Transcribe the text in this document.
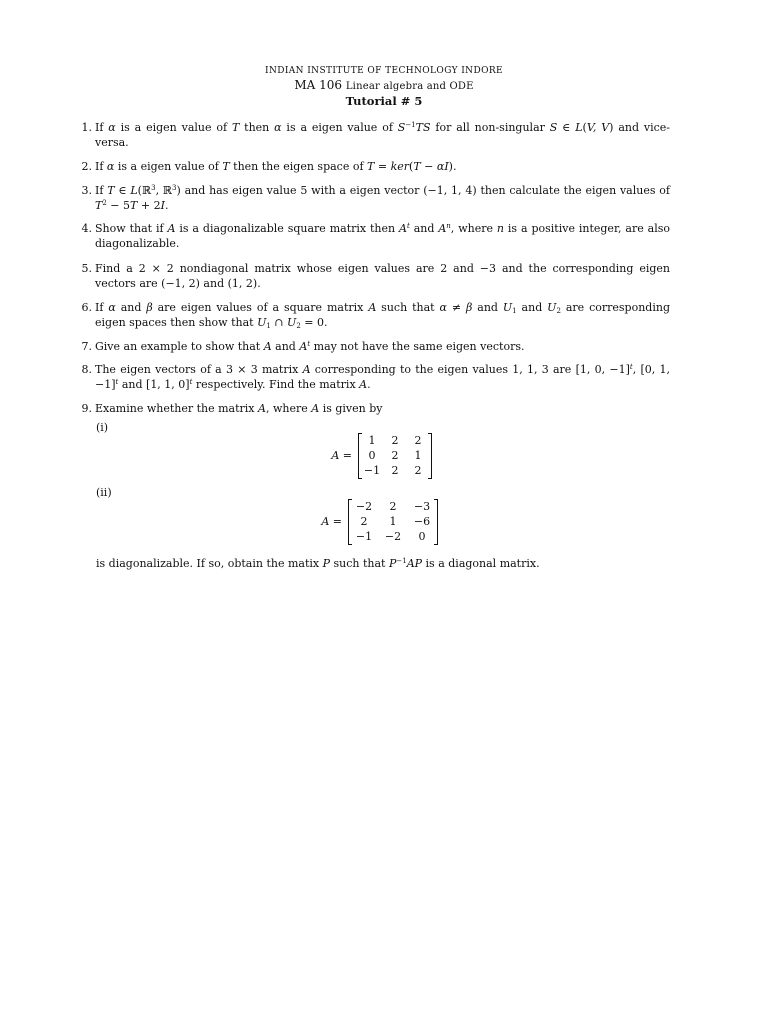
INDIAN INSTITUTE OF TECHNOLOGY INDORE
MA 106 Linear algebra and ODE
Tutorial # 5
1. If α is a eigen value of T then α is a eigen value of $S^{-1}TS$ for all non-singular S ∈ L(V, V) and vice-versa.
2. If α is a eigen value of T then the eigen space of T = ker(T − αI).
3. If T ∈ L(ℝ$^3$, ℝ$^3$) and has eigen value 5 with a eigen vector (−1, 1, 4) then calculate the eigen values of $T^2 - 5T + 2I$.
4. Show that if A is a diagonalizable square matrix then $A^t$ and $A^n$, where n is a positive integer, are also diagonalizable.
5. Find a 2 × 2 nondiagonal matrix whose eigen values are 2 and −3 and the corresponding eigen vectors are (−1, 2) and (1, 2).
6. If α and β are eigen values of a square matrix A such that α ≠ β and $U_1$ and $U_2$ are corresponding eigen spaces then show that $U_1$ ∩ $U_2 = 0$.
7. Give an example to show that A and $A^t$ may not have the same eigen vectors.
8. The eigen vectors of a 3 × 3 matrix A corresponding to the eigen values 1, 1, 3 are [1, 0, −1]$^t$, [0, 1, −1]$^t$ and [1, 1, 0]$^t$ respectively. Find the matrix A.
9. Examine whether the matrix A, where A is given by
(i)
A =
1	2	2
0	2	1
−1	2	2
(ii)
A =
−2	2	−3
2	1	−6
−1	−2	0
is diagonalizable. If so, obtain the matix P such that $P^{-1}AP$ is a diagonal matrix.
